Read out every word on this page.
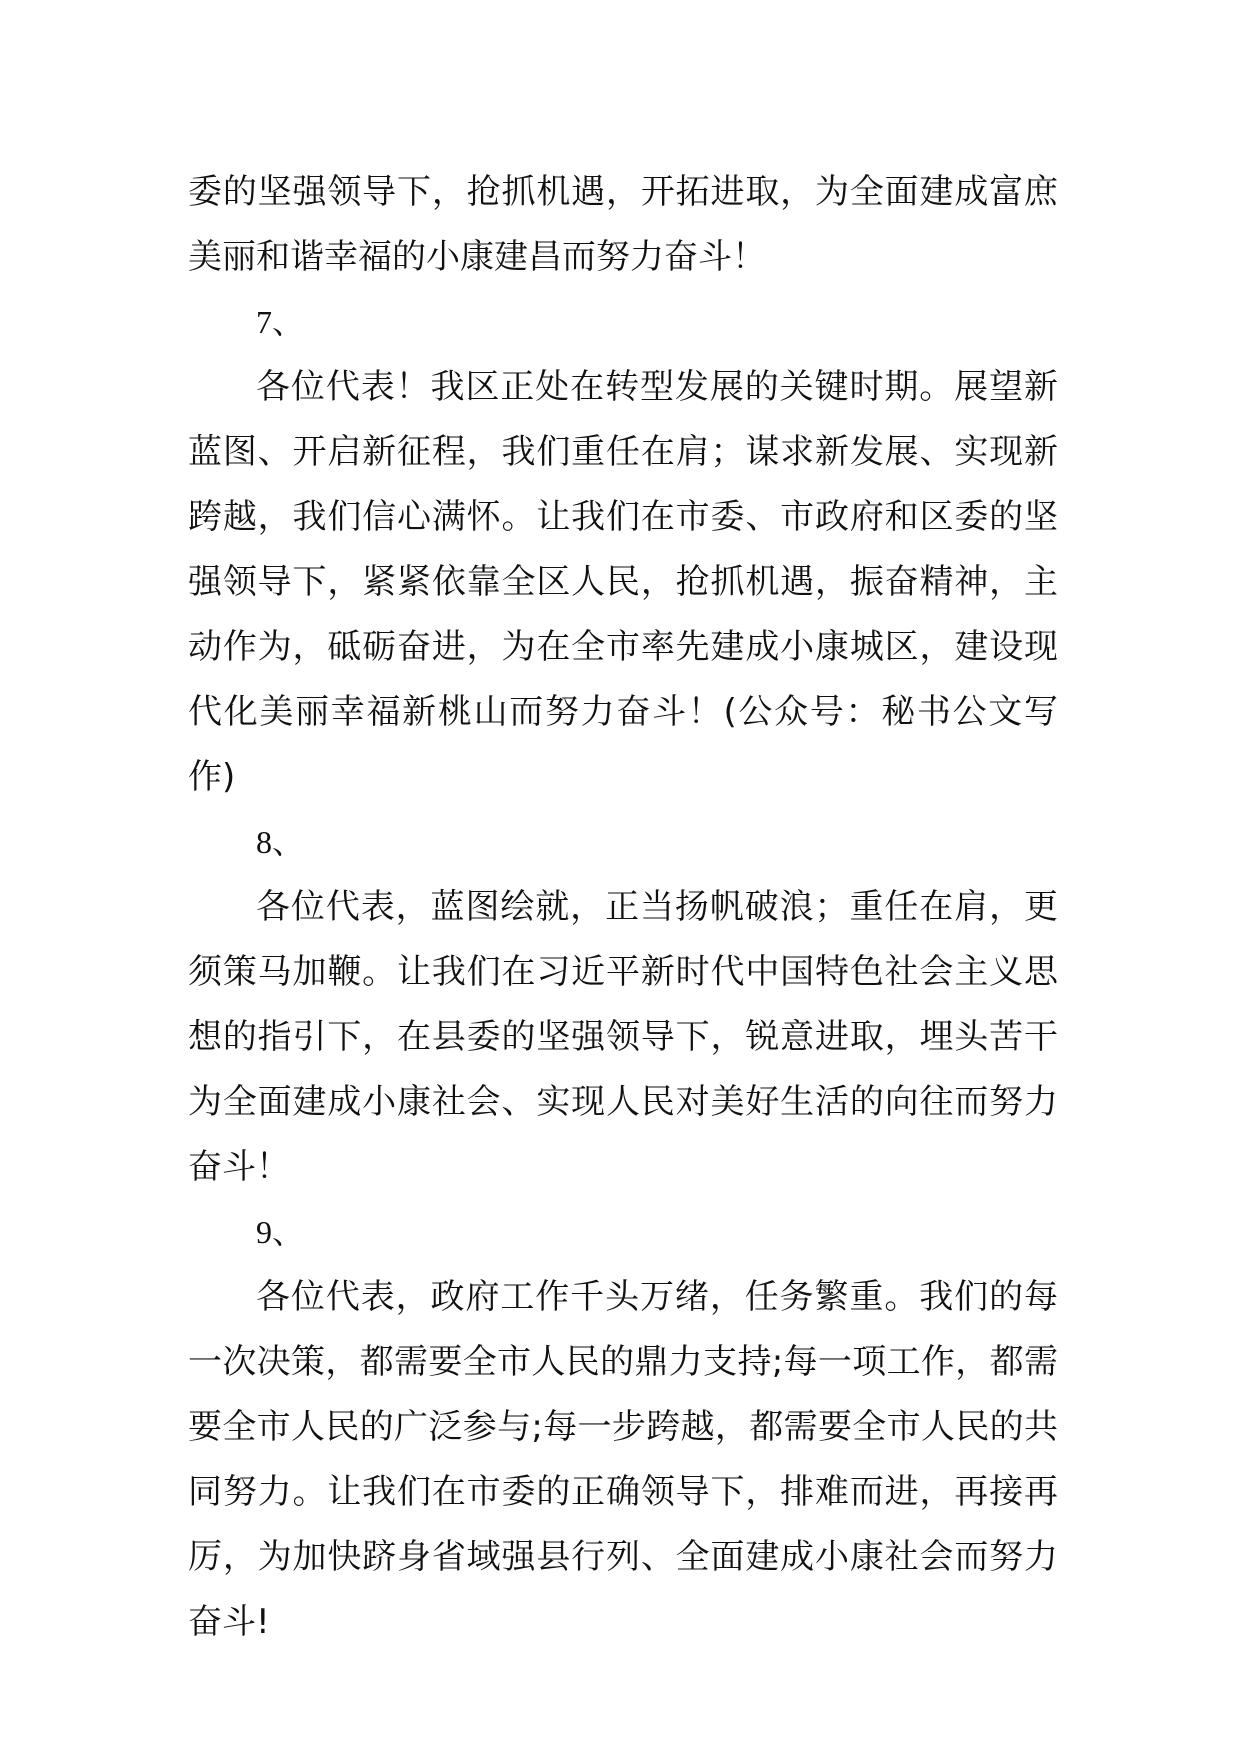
委的坚强领导下，抢抓机遇，开拓进取，为全面建成富庶美丽和谐幸福的小康建昌而努力奋斗！

7、

各位代表！我区正处在转型发展的关键时期。展望新蓝图、开启新征程，我们重任在肩；谋求新发展、实现新跨越，我们信心满怀。让我们在市委、市政府和区委的坚强领导下，紧紧依靠全区人民，抢抓机遇，振奋精神，主动作为，砥砺奋进，为在全市率先建成小康城区，建设现代化美丽幸福新桃山而努力奋斗！(公众号：秘书公文写作)

8、

各位代表，蓝图绘就，正当扬帆破浪；重任在肩，更须策马加鞭。让我们在习近平新时代中国特色社会主义思想的指引下，在县委的坚强领导下，锐意进取，埋头苦干为全面建成小康社会、实现人民对美好生活的向往而努力奋斗！

9、

各位代表，政府工作千头万绪，任务繁重。我们的每一次决策，都需要全市人民的鼎力支持;每一项工作，都需要全市人民的广泛参与;每一步跨越，都需要全市人民的共同努力。让我们在市委的正确领导下，排难而进，再接再厉，为加快跻身省域强县行列、全面建成小康社会而努力奋斗!
